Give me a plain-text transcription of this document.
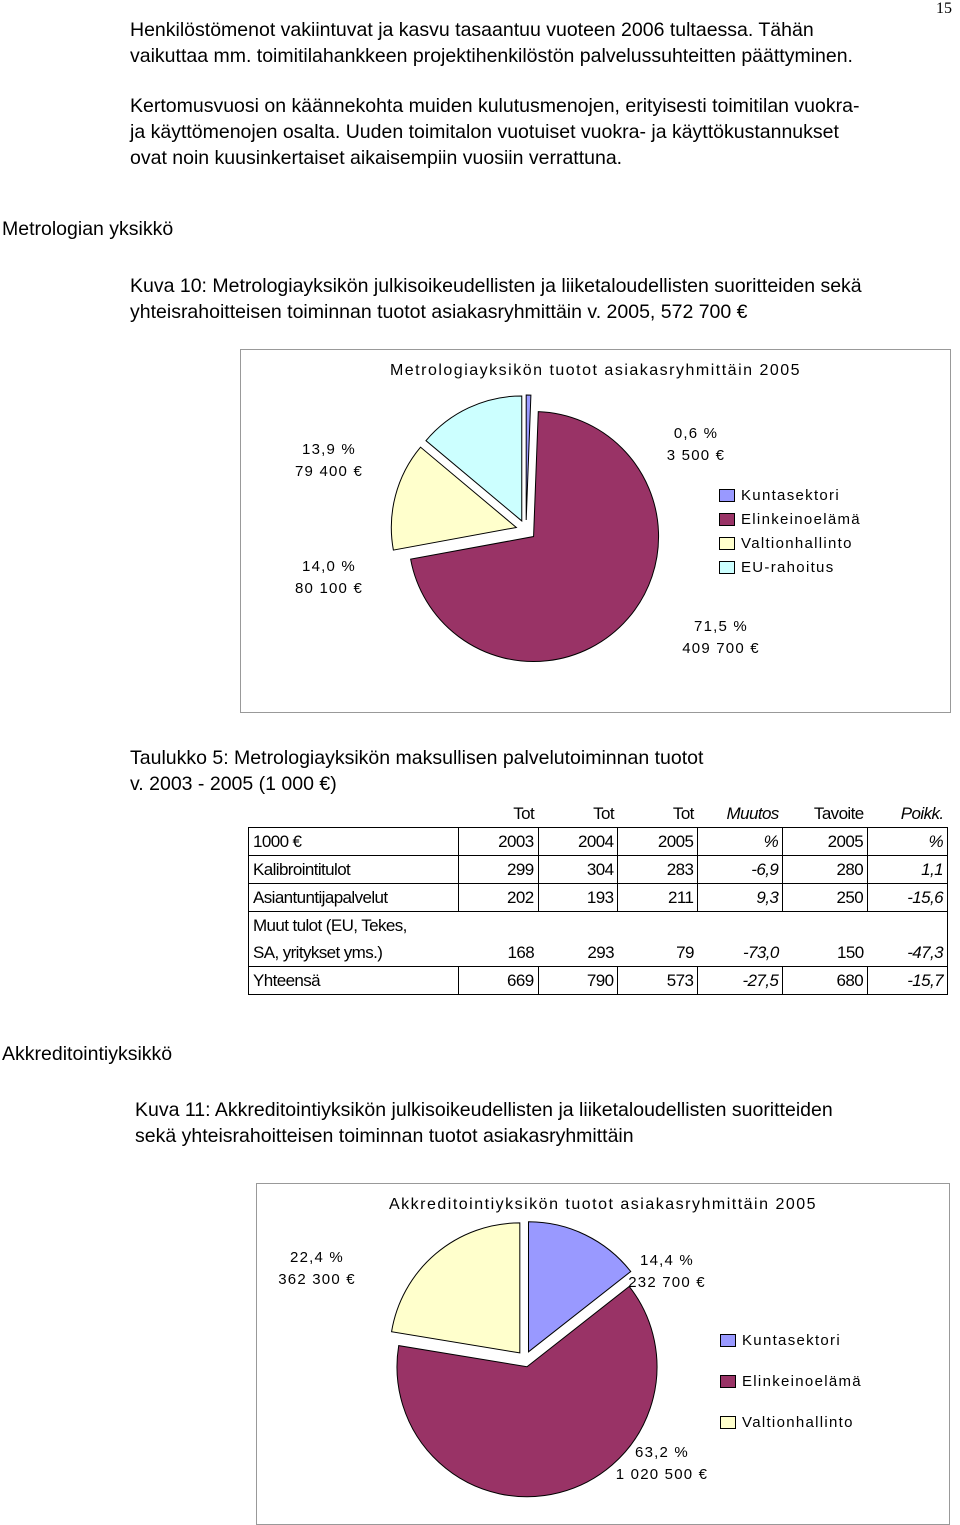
15
Henkilöstömenot vakiintuvat ja kasvu tasaantuu vuoteen 2006 tultaessa. Tähän
vaikuttaa mm. toimitilahankkeen projektihenkilöstön palvelussuhteitten päättyminen.
Kertomusvuosi on käännekohta muiden kulutusmenojen, erityisesti toimitilan vuokra-
ja käyttömenojen osalta. Uuden toimitalon vuotuiset vuokra- ja käyttökustannukset
ovat noin kuusinkertaiset aikaisempiin vuosiin verrattuna.
Metrologian yksikkö
Kuva 10: Metrologiayksikön julkisoikeudellisten ja liiketaloudellisten suoritteiden sekä
yhteisrahoitteisen toiminnan tuotot asiakasryhmittäin v. 2005, 572 700 €
Metrologiayksikön tuotot asiakasryhmittäin 2005
0,6 %
3 500 €
71,5 %
409 700 €
14,0 %
80 100 €
13,9 %
79 400 €
Kuntasektori
Elinkeinoelämä
Valtionhallinto
EU-rahoitus
Taulukko 5: Metrologiayksikön maksullisen palvelutoiminnan tuotot
v. 2003 - 2005 (1 000 €)
	Tot	Tot	Tot	Muutos	Tavoite	Poikk.
1000 €	2003	2004	2005	%	2005	%
Kalibrointitulot	299	304	283	-6,9	280	1,1
Asiantuntijapalvelut	202	193	211	9,3	250	-15,6
Muut tulot (EU, Tekes,						
SA, yritykset yms.)	168	293	79	-73,0	150	-47,3
Yhteensä	669	790	573	-27,5	680	-15,7
Akkreditointiyksikkö
Kuva 11: Akkreditointiyksikön julkisoikeudellisten ja liiketaloudellisten suoritteiden
sekä yhteisrahoitteisen toiminnan tuotot asiakasryhmittäin
Akkreditointiyksikön tuotot asiakasryhmittäin 2005
14,4 %
232 700 €
63,2 %
1 020 500 €
22,4 %
362 300 €
Kuntasektori
Elinkeinoelämä
Valtionhallinto
